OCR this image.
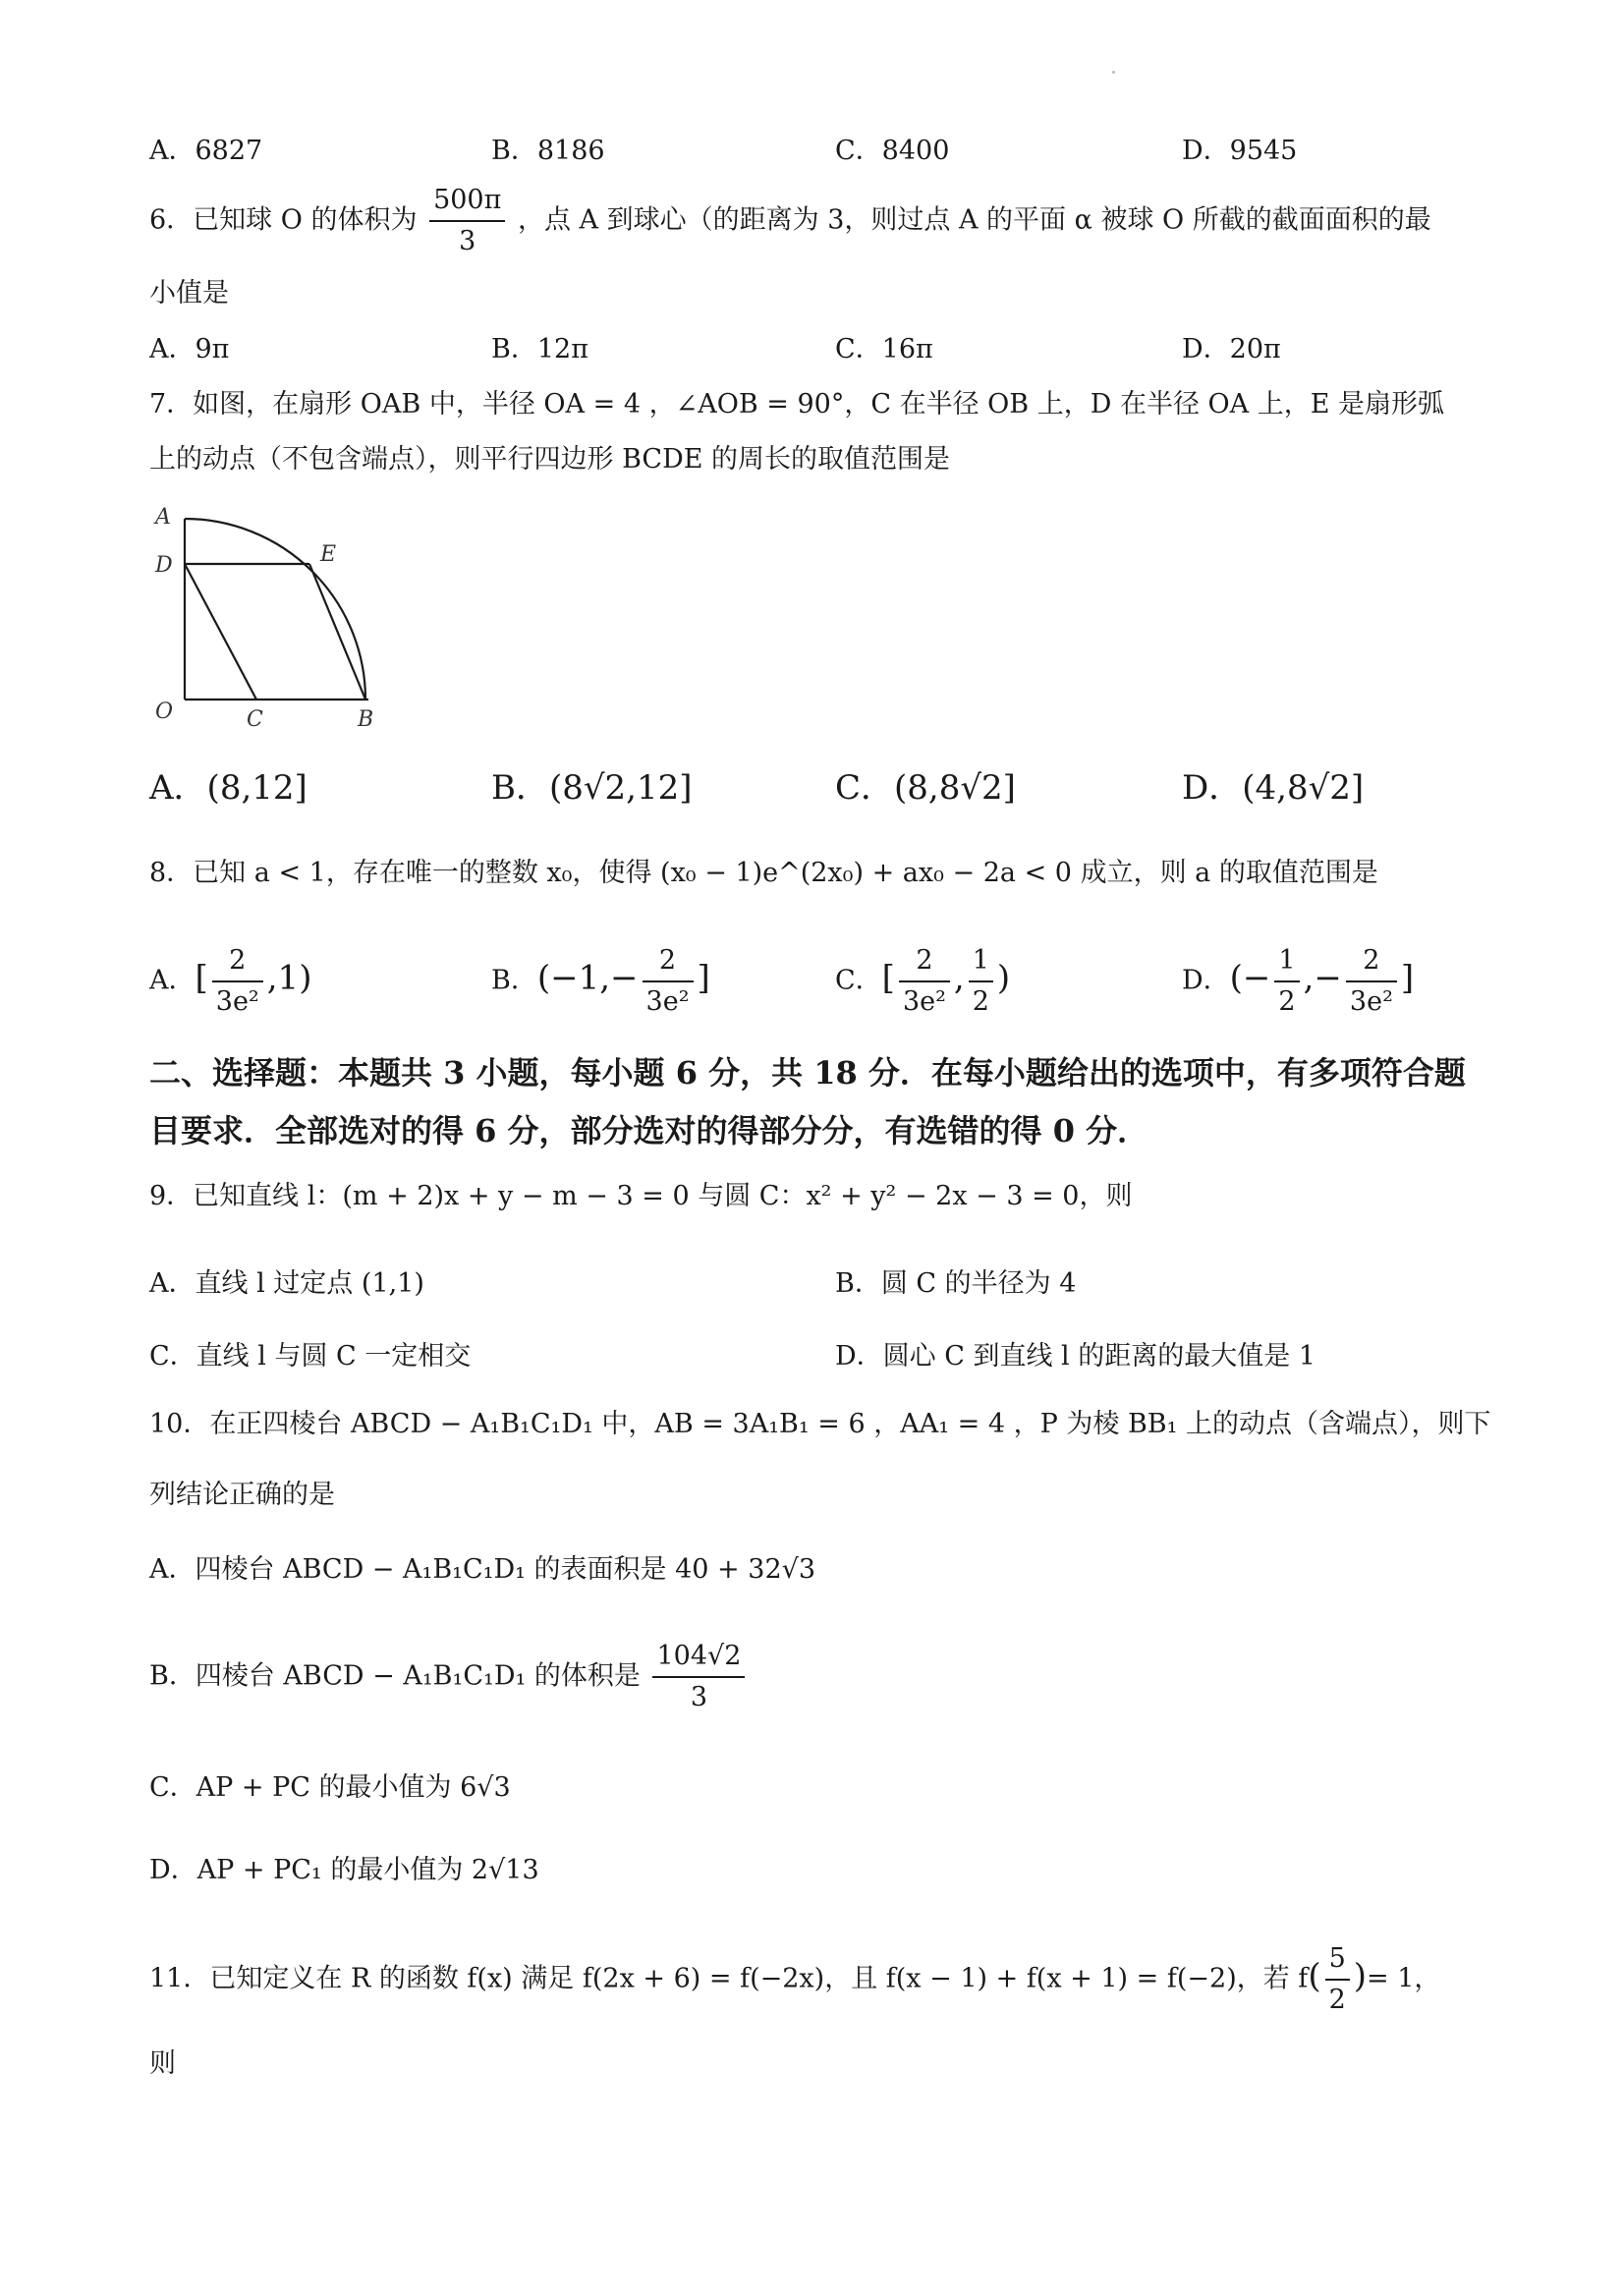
A．6827	B．8186	C．8400	D．9545
6．已知球 O 的体积为 $\frac{500\pi}{3}$ ，点 A 到球心（的距离为 3，则过点 A 的平面 α 被球 O 所截的截面面积的最
小值是
A．9π	B．12π	C．16π	D．20π
7．如图，在扇形 OAB 中，半径 OA = 4 ，∠AOB = 90°，C 在半径 OB 上，D 在半径 OA 上，E 是扇形弧
上的动点（不包含端点），则平行四边形 BCDE 的周长的取值范围是
A
D	E
O	C	B
A．(8,12]	B．(8√2,12]	C．(8,8√2]	D．(4,8√2]
8．已知 a < 1，存在唯一的整数 x₀，使得 (x₀ − 1)e^(2x₀) + ax₀ − 2a < 0 成立，则 a 的取值范围是
A．[ $\frac{2}{\text{3e²}} ,1$)	B．($-1,- \frac{2}{\text{3e²}}$ ]	C．[ $\frac{2}{\text{3e²}}$ , $\frac{1}{2}$ )	D．(− $\frac{1}{2}$ ,− $\frac{2}{\text{3e²}}$ ]
二、选择题：本题共 3 小题，每小题 6 分，共 18 分．在每小题给出的选项中，有多项符合题
目要求．全部选对的得 6 分，部分选对的得部分分，有选错的得 0 分．
9．已知直线 l：(m + 2)x + y − m − 3 = 0 与圆 C：x² + y² − 2x − 3 = 0，则
A．直线 l 过定点 (1,1)	B．圆 C 的半径为 4
C．直线 l 与圆 C 一定相交	D．圆心 C 到直线 l 的距离的最大值是 1
10．在正四棱台 ABCD − A₁B₁C₁D₁ 中，AB = 3A₁B₁ = 6 ，AA₁ = 4 ，P 为棱 BB₁ 上的动点（含端点），则下
列结论正确的是
A．四棱台 ABCD − A₁B₁C₁D₁ 的表面积是 40 + 32√3
B．四棱台 ABCD − A₁B₁C₁D₁ 的体积是 $\frac{104√2}{3}$
C．AP + PC 的最小值为 6√3
D．AP + PC₁ 的最小值为 2√13
11．已知定义在 R 的函数 f(x) 满足 f(2x + 6) = f(−2x)，且 f(x − 1) + f(x + 1) = f(−2)，若 $f( \frac{5}{2}$ )= 1，
则
